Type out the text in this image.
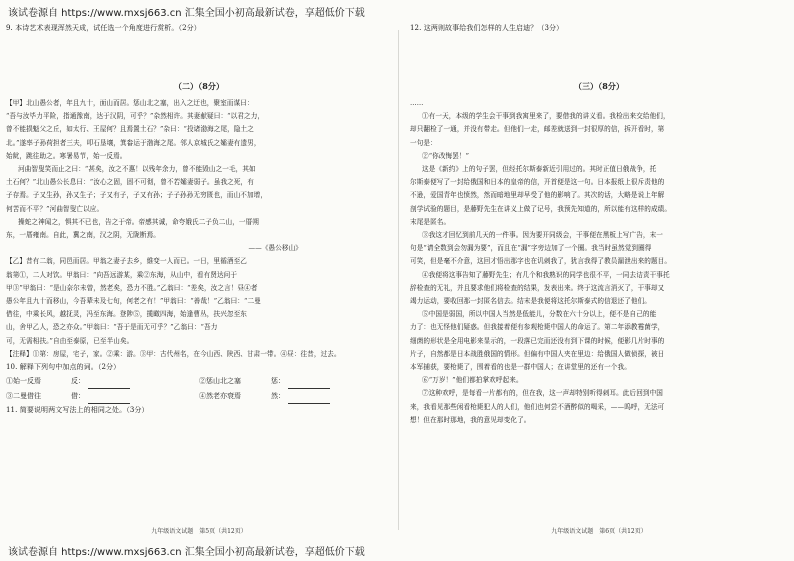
该试卷源自 https://www.mxsj663.cn 汇集全国小初高最新试卷，享超低价下载

9. 本诗艺术表现浑然天成，试任选一个角度进行赏析。（2分）

（二）（8分）

【甲】北山愚公者，年且九十，面山而居。惩山北之塞，出入之迂也，聚室而谋曰：

“吾与汝毕力平险，指通豫南，达于汉阴，可乎？”杂然相许。其妻献疑曰：“以君之力，

曾不能损魁父之丘，如太行、王屋何？且焉置土石？”杂曰：“投诸渤海之尾，隐土之

北。”遂率子孙荷担者三夫，叩石垦壤，箕畚运于渤海之尾。邻人京城氏之孀妻有遗男，

始龀，跳往助之。寒暑易节，始一反焉。

河曲智叟笑而止之曰：“甚矣，汝之不惠！以残年余力，曾不能毁山之一毛，其如

土石何？”北山愚公长息曰：“汝心之固，固不可彻，曾不若孀妻弱子。虽我之死，有

子存焉。子又生孙，孙又生子；子又有子，子又有孙；子子孙孙无穷匮也，而山不加增，

何苦而不平？”河曲智叟亡以应。

操蛇之神闻之，惧其不已也，告之于帝。帝感其诚，命夸娥氏二子负二山，一厝朔

东，一厝雍南。自此，冀之南，汉之阴，无陇断焉。

——《愚公移山》

【乙】昔有二翁，同邑而居。甲翁之妻子去乡，維变一人而已。一日，里循酒至乙

翁第①，二人对饮。甲翁曰：“向吾远游某，乘②东海，从山中，看有贤达问于

甲③”甲翁曰：“是山奈尔未曾，然老矣，恐力不胜。”乙翁曰：“差矣，汝之言！昼④者

愚公年且九十而移山，今吾辈未及七旬，何老之有！”甲翁曰：“善哉！”乙翁曰：“二曼

借往，中乘长风，越抚灵，冯至东海。登陟⑤，揽瞰四海，始逢曹丛，扶兴忽至东

山，舍甲乙人，恐之亦众。”甲翁曰：“吾于是而无可乎？”乙翁曰：“吾力

可，无需相扶。”自由至泰原，已至半山矣。

【注释】①第：房屋，宅子，家。②乘：游。③甲：古代州名，在今山西、陕西、甘肃一带。④昼：往昔，过去。

10. 解释下列句中加点的词。（2分）

①始一反焉	反：	②惩山北之塞	惩：
③二曼借往	借：	④然老亦衰焉	然：

11. 简要说明两文写法上的相同之处。（3分）

九年级语文试题　第5页（共12页）

12. 这两则故事给我们怎样的人生启迪？（3分）

（三）（8分）

……

①有一天，本级的学生会干事到我寓里来了，要借我的讲义看。我检出来交给他们，

却只翻检了一通，并没有带走。但他们一走，邮差就送到一封很厚的信，拆开看时，第

一句是：

②“你改悔罢！”

这是《新约》上的句子罢，但经托尔斯泰新近引用过的。其时正值日俄战争，托

尔斯泰便写了一封给俄国和日本的皇帝的信，开首便是这一句。日本报纸上很斥责他的

不逊，爱国青年也愤然，然而暗地里却早受了他的影响了。其次的话，大略是说上年解

剖学试验的题目，是藤野先生在讲义上做了记号，我预先知道的，所以能有这样的成绩。

末尾是匿名。

③我这才回忆到前几天的一件事。因为要开同级会，干事便在黑板上写广告，末一

句是“请全数到会勿漏为要”，而且在“漏”字旁边加了一个圈。我当时虽然觉到圈得

可笑，但是毫不介意，这回才悟出那字也在讥刺我了，犹言我得了教员漏泄出来的题目。

④我便将这事告知了藤野先生；有几个和我熟识的同学也很不平，一同去诘责干事托

辞检查的无礼，并且要求他们将检查的结果，发表出来。终于这流言消灭了，干事却又

竭力运动，要收回那一封匿名信去。结末是我便将这托尔斯泰式的信退还了他们。

⑤中国是弱国，所以中国人当然是低能儿，分数在六十分以上，便不是自己的能

力了：也无怪他们疑惑。但我接着便有参观枪毙中国人的命运了。第二年添教霉菌学，

细菌的形状是全用电影来显示的，一段落已完而还没有到下课的时候，便影几片时事的

片子，自然都是日本战胜俄国的情形。但偏有中国人夹在里边：给俄国人做侦探，被日

本军捕获，要枪毙了，围着看的也是一群中国人；在讲堂里的还有一个我。

⑥“万岁！”他们都拍掌欢呼起来。

⑦这种欢呼，是每看一片都有的，但在我，这一声却特别听得刺耳。此后回到中国

来，我看见那些闲看枪毙犯人的人们，他们也何尝不酒醉似的喝采，——呜呼，无法可

想！但在那时那地，我的意见却变化了。

九年级语文试题　第6页（共12页）
该试卷源自 https://www.mxsj663.cn 汇集全国小初高最新试卷，享超低价下载
